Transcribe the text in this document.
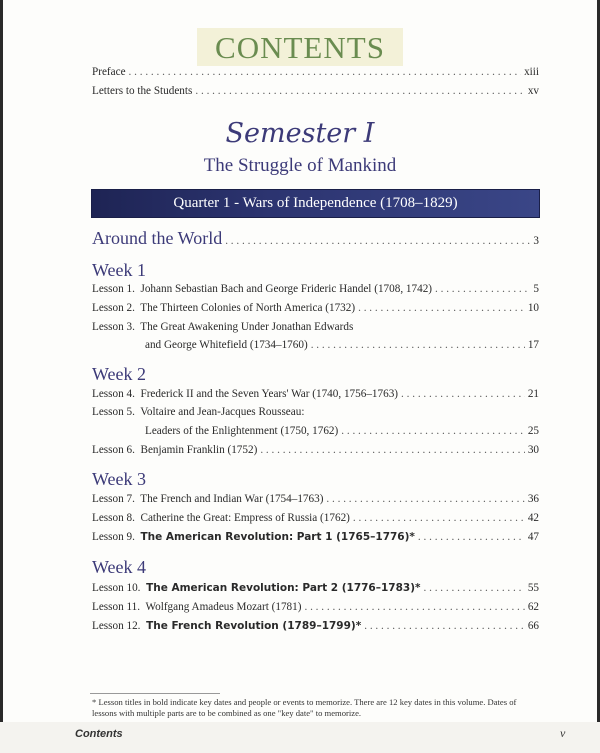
CONTENTS
Preface . . .	xiii
Letters to the Students . . .	xv
Semester I
The Struggle of Mankind
Quarter 1 - Wars of Independence (1708–1829)
Around the World . . .	3
Week 1
Lesson 1. Johann Sebastian Bach and George Frideric Handel (1708, 1742) . . .	5
Lesson 2. The Thirteen Colonies of North America (1732) . . .	10
Lesson 3. The Great Awakening Under Jonathan Edwards
and George Whitefield (1734–1760) . . .	17
Week 2
Lesson 4. Frederick II and the Seven Years' War (1740, 1756–1763) . . .	21
Lesson 5. Voltaire and Jean-Jacques Rousseau:
Leaders of the Enlightenment (1750, 1762) . . .	25
Lesson 6. Benjamin Franklin (1752) . . .	30
Week 3
Lesson 7. The French and Indian War (1754–1763) . . .	36
Lesson 8. Catherine the Great: Empress of Russia (1762) . . .	42
Lesson 9. The American Revolution: Part 1 (1765–1776)* . . .	47
Week 4
Lesson 10. The American Revolution: Part 2 (1776–1783)* . . .	55
Lesson 11. Wolfgang Amadeus Mozart (1781) . . .	62
Lesson 12. The French Revolution (1789–1799)* . . .	66
* Lesson titles in bold indicate key dates and people or events to memorize. There are 12 key dates in this volume. Dates of lessons with multiple parts are to be combined as one "key date" to memorize.
Contents	v
